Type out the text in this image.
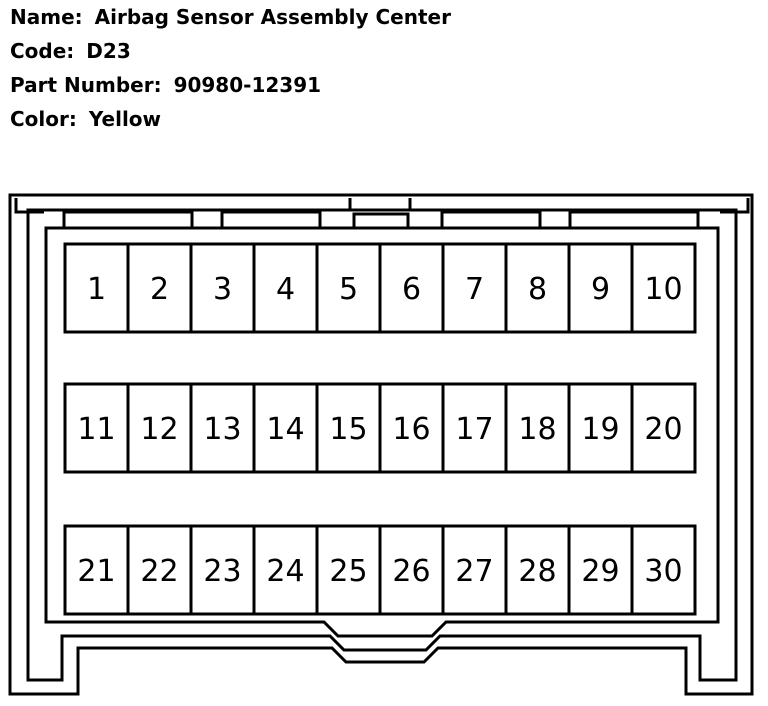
Name: Airbag Sensor Assembly Center
Code: D23
Part Number: 90980-12391
Color: Yellow
1 2 3 4 5 6 7 8 9 10
11 12 13 14 15 16 17 18 19 20
21 22 23 24 25 26 27 28 29 30
